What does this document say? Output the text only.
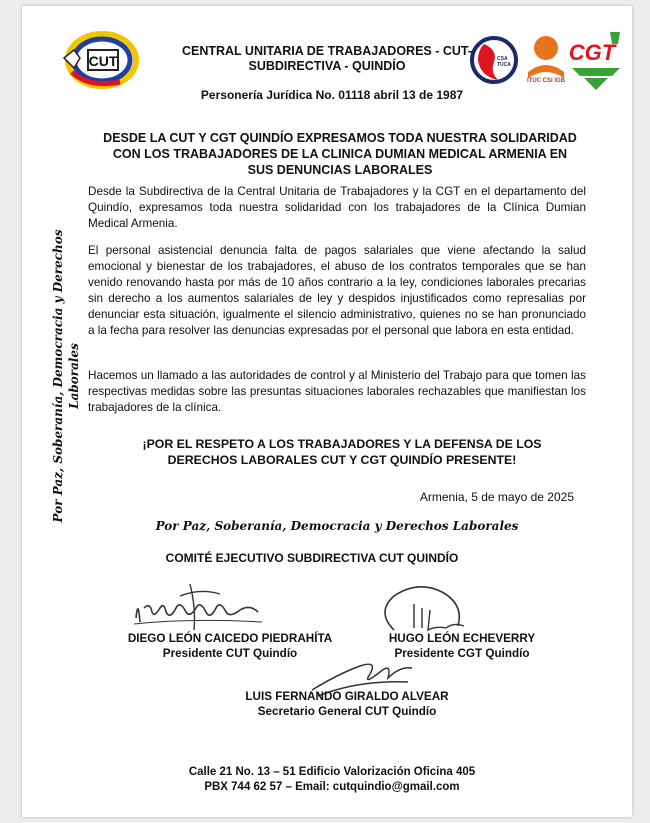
CUT	CSA
TUCA
ITUC CSI IGB
CGT
CENTRAL UNITARIA DE TRABAJADORES - CUT-
SUBDIRECTIVA - QUINDÍO
Personería Jurídica No. 01118 abril 13 de 1987
Por Paz, Soberanía, Democracia y Derechos Laborales
DESDE LA CUT Y CGT QUINDÍO EXPRESAMOS TODA NUESTRA SOLIDARIDAD
CON LOS TRABAJADORES DE LA CLINICA DUMIAN MEDICAL ARMENIA EN
SUS DENUNCIAS LABORALES
Desde la Subdirectiva de la Central Unitaria de Trabajadores y la CGT en el departamento del Quindío, expresamos toda nuestra solidaridad con los trabajadores de la Clínica Dumian Medical Armenia.
El personal asistencial denuncia falta de pagos salariales que viene afectando la salud emocional y bienestar de los trabajadores, el abuso de los contratos temporales que se han venido renovando hasta por más de 10 años contrario a la ley, condiciones laborales precarias sin derecho a los aumentos salariales de ley y despidos injustificados como represalias por denunciar esta situación, igualmente el silencio administrativo, quienes no se han pronunciado a la fecha para resolver las denuncias expresadas por el personal que labora en esta entidad.
Hacemos un llamado a las autoridades de control y al Ministerio del Trabajo para que tomen las respectivas medidas sobre las presuntas situaciones laborales rechazables que manifiestan los trabajadores de la clínica.
¡POR EL RESPETO A LOS TRABAJADORES Y LA DEFENSA DE LOS
DERECHOS LABORALES CUT Y CGT QUINDÍO PRESENTE!
Armenia, 5 de mayo de 2025
Por Paz, Soberanía, Democracia y Derechos Laborales
COMITÉ EJECUTIVO SUBDIRECTIVA CUT QUINDÍO
DIEGO LEÓN CAICEDO PIEDRAHÍTA
Presidente CUT Quindío
HUGO LEÓN ECHEVERRY
Presidente CGT Quindío
LUIS FERNANDO GIRALDO ALVEAR
Secretario General CUT Quindío
Calle 21 No. 13 – 51 Edificio Valorización Oficina 405
PBX 744 62 57 – Email: cutquindio@gmail.com
